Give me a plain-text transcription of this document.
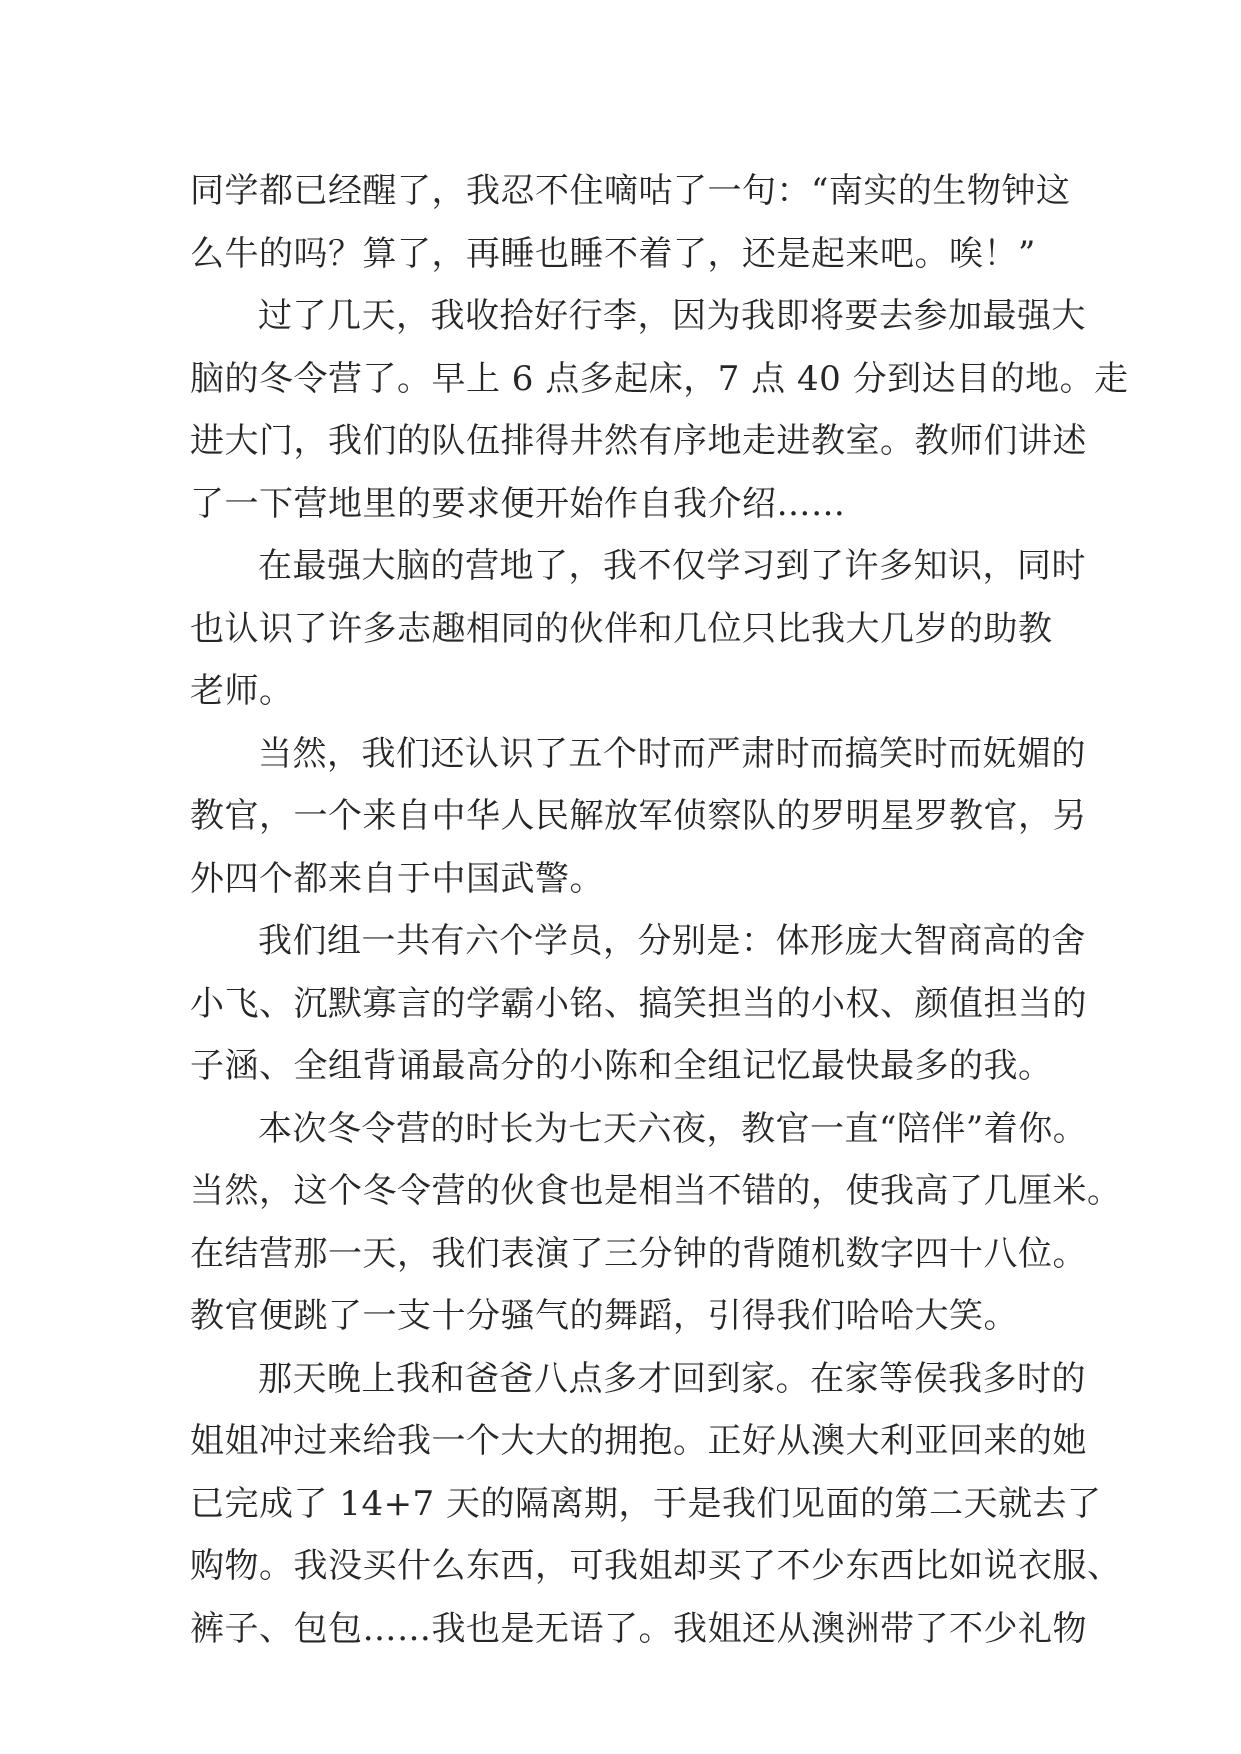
同学都已经醒了，我忍不住嘀咕了一句：“南实的生物钟这
么牛的吗？算了，再睡也睡不着了，还是起来吧。唉！”
过了几天，我收拾好行李，因为我即将要去参加最强大
脑的冬令营了。早上 6 点多起床，7 点 40 分到达目的地。走
进大门，我们的队伍排得井然有序地走进教室。教师们讲述
了一下营地里的要求便开始作自我介绍……
在最强大脑的营地了，我不仅学习到了许多知识，同时
也认识了许多志趣相同的伙伴和几位只比我大几岁的助教
老师。
当然，我们还认识了五个时而严肃时而搞笑时而妩媚的
教官，一个来自中华人民解放军侦察队的罗明星罗教官，另
外四个都来自于中国武警。
我们组一共有六个学员，分别是：体形庞大智商高的舍
小飞、沉默寡言的学霸小铭、搞笑担当的小权、颜值担当的
子涵、全组背诵最高分的小陈和全组记忆最快最多的我。
本次冬令营的时长为七天六夜，教官一直“陪伴”着你。
当然，这个冬令营的伙食也是相当不错的，使我高了几厘米。
在结营那一天，我们表演了三分钟的背随机数字四十八位。
教官便跳了一支十分骚气的舞蹈，引得我们哈哈大笑。
那天晚上我和爸爸八点多才回到家。在家等侯我多时的
姐姐冲过来给我一个大大的拥抱。正好从澳大利亚回来的她
已完成了 14+7 天的隔离期，于是我们见面的第二天就去了
购物。我没买什么东西，可我姐却买了不少东西比如说衣服、
裤子、包包……我也是无语了。我姐还从澳洲带了不少礼物
